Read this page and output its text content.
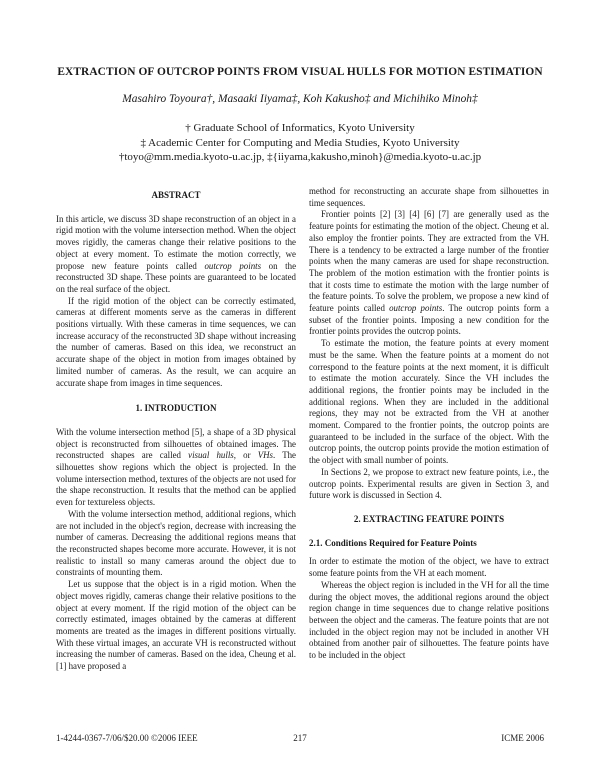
EXTRACTION OF OUTCROP POINTS FROM VISUAL HULLS FOR MOTION ESTIMATION
Masahiro Toyoura†, Masaaki Iiyama‡, Koh Kakusho‡ and Michihiko Minoh‡
† Graduate School of Informatics, Kyoto University
‡ Academic Center for Computing and Media Studies, Kyoto University
†toyo@mm.media.kyoto-u.ac.jp, ‡{iiyama,kakusho,minoh}@media.kyoto-u.ac.jp
ABSTRACT

In this article, we discuss 3D shape reconstruction of an object in a rigid motion with the volume intersection method. When the object moves rigidly, the cameras change their relative positions to the object at every moment. To estimate the motion correctly, we propose new feature points called outcrop points on the reconstructed 3D shape. These points are guaranteed to be located on the real surface of the object.

If the rigid motion of the object can be correctly estimated, cameras at different moments serve as the cameras in different positions virtually. With these cameras in time sequences, we can increase accuracy of the reconstructed 3D shape without increasing the number of cameras. Based on this idea, we reconstruct an accurate shape of the object in motion from images obtained by limited number of cameras. As the result, we can acquire an accurate shape from images in time sequences.

1. INTRODUCTION

With the volume intersection method [5], a shape of a 3D physical object is reconstructed from silhouettes of obtained images. The reconstructed shapes are called visual hulls, or VHs. The silhouettes show regions which the object is projected. In the volume intersection method, textures of the objects are not used for the shape reconstruction. It results that the method can be applied even for textureless objects.

With the volume intersection method, additional regions, which are not included in the object's region, decrease with increasing the number of cameras. Decreasing the additional regions means that the reconstructed shapes become more accurate. However, it is not realistic to install so many cameras around the object due to constraints of mounting them.

Let us suppose that the object is in a rigid motion. When the object moves rigidly, cameras change their relative positions to the object at every moment. If the rigid motion of the object can be correctly estimated, images obtained by the cameras at different moments are treated as the images in different positions virtually. With these virtual images, an accurate VH is reconstructed without increasing the number of cameras. Based on the idea, Cheung et al. [1] have proposed a

method for reconstructing an accurate shape from silhouettes in time sequences.

Frontier points [2] [3] [4] [6] [7] are generally used as the feature points for estimating the motion of the object. Cheung et al. also employ the frontier points. They are extracted from the VH. There is a tendency to be extracted a large number of the frontier points when the many cameras are used for shape reconstruction. The problem of the motion estimation with the frontier points is that it costs time to estimate the motion with the large number of the feature points. To solve the problem, we propose a new kind of feature points called outcrop points. The outcrop points form a subset of the frontier points. Imposing a new condition for the frontier points provides the outcrop points.

To estimate the motion, the feature points at every moment must be the same. When the feature points at a moment do not correspond to the feature points at the next moment, it is difficult to estimate the motion accurately. Since the VH includes the additional regions, the frontier points may be included in the additional regions. When they are included in the additional regions, they may not be extracted from the VH at another moment. Compared to the frontier points, the outcrop points are guaranteed to be included in the surface of the object. With the outcrop points, the outcrop points provide the motion estimation of the object with small number of points.

In Sections 2, we propose to extract new feature points, i.e., the outcrop points. Experimental results are given in Section 3, and future work is discussed in Section 4.

2. EXTRACTING FEATURE POINTS
2.1. Conditions Required for Feature Points

In order to estimate the motion of the object, we have to extract some feature points from the VH at each moment.

Whereas the object region is included in the VH for all the time during the object moves, the additional regions around the object region change in time sequences due to change relative positions between the object and the cameras. The feature points that are not included in the object region may not be included in another VH obtained from another pair of silhouettes. The feature points have to be included in the object

1-4244-0367-7/06/$20.00 ©2006 IEEE	217	ICME 2006
